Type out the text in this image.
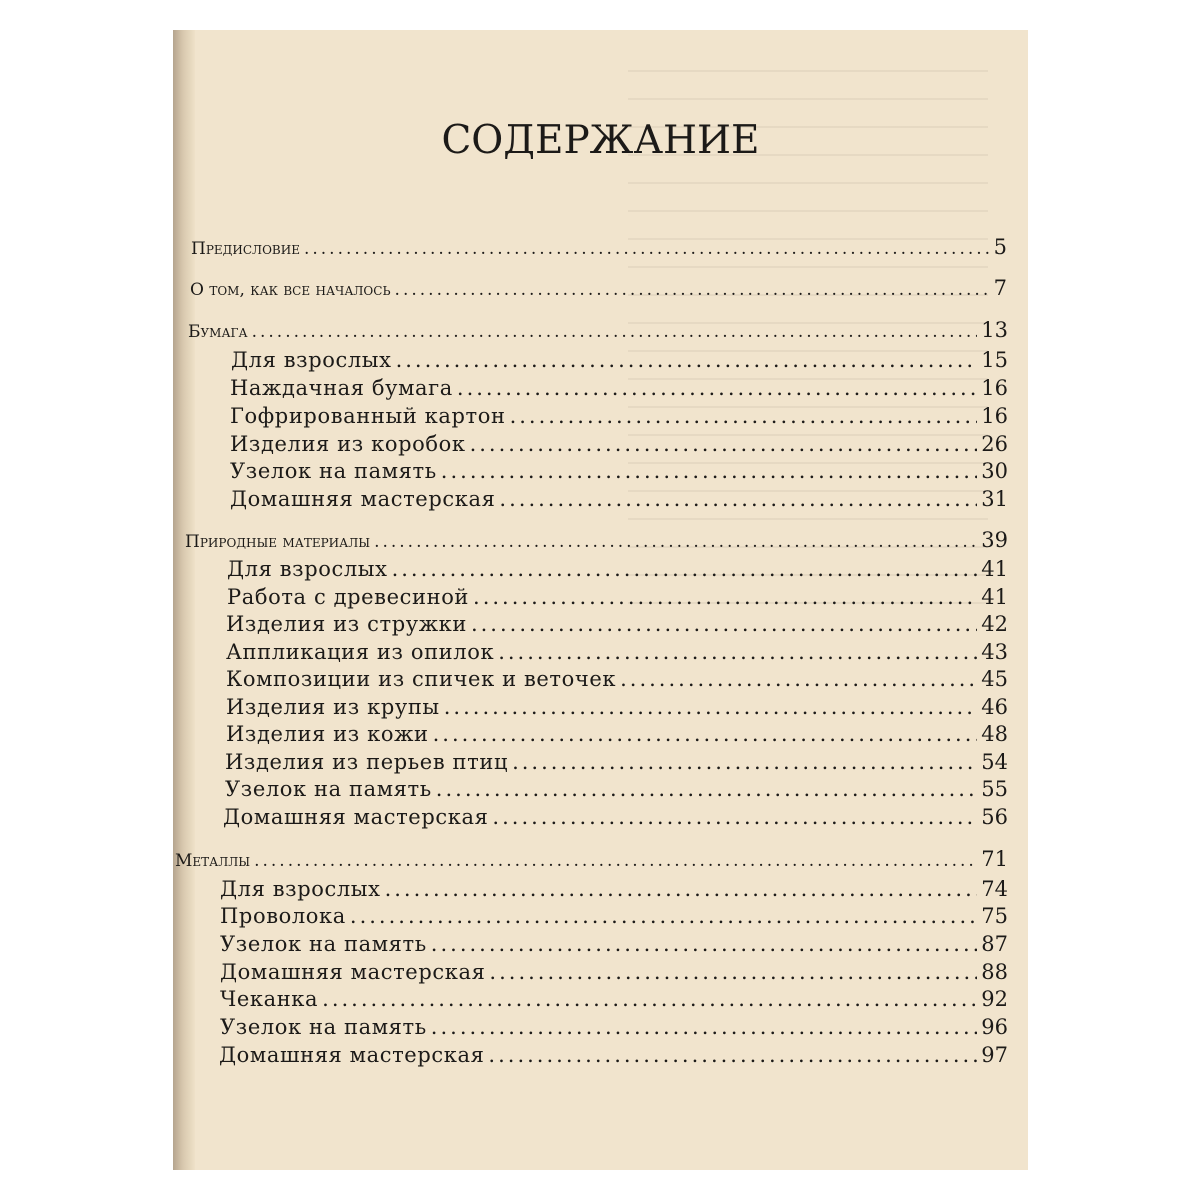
СОДЕРЖАНИЕ
Предисловие .....	5
О том, как все началось .....	7
Бумага .....	13
Для взрослых .....	15
Наждачная бумага .....	16
Гофрированный картон .....	16
Изделия из коробок .....	26
Узелок на память .....	30
Домашняя мастерская .....	31
Природные материалы .....	39
Для взрослых .....	41
Работа с древесиной .....	41
Изделия из стружки .....	42
Аппликация из опилок .....	43
Композиции из спичек и веточек .....	45
Изделия из крупы .....	46
Изделия из кожи .....	48
Изделия из перьев птиц .....	54
Узелок на память .....	55
Домашняя мастерская .....	56
Металлы .....	71
Для взрослых .....	74
Проволока .....	75
Узелок на память .....	87
Домашняя мастерская .....	88
Чеканка .....	92
Узелок на память .....	96
Домашняя мастерская .....	97
